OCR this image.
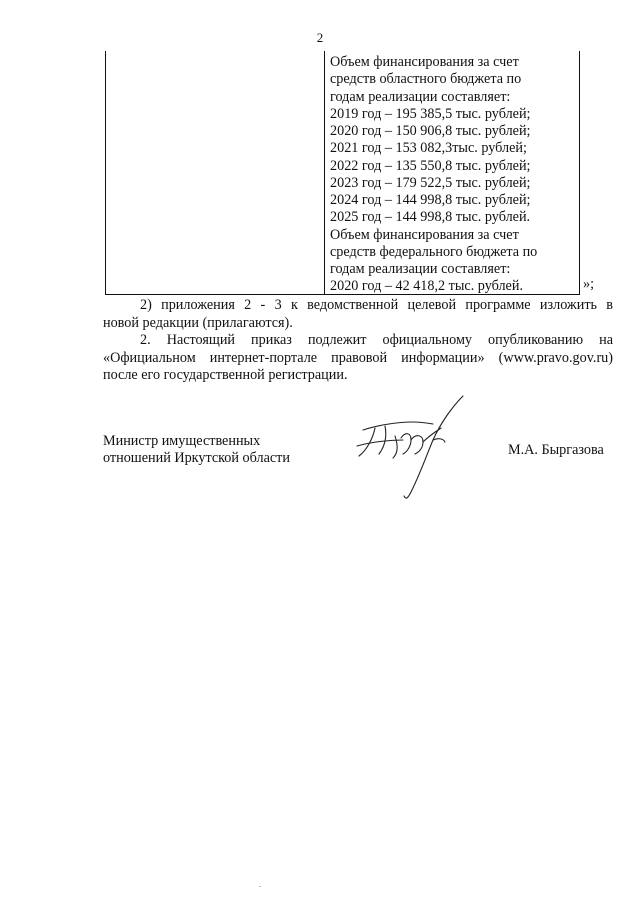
2
Объем финансирования за счет
средств областного бюджета по
годам реализации составляет:
2019 год – 195 385,5 тыс. рублей;
2020 год – 150 906,8 тыс. рублей;
2021 год – 153 082,3тыс. рублей;
2022 год – 135 550,8 тыс. рублей;
2023 год – 179 522,5 тыс. рублей;
2024 год – 144 998,8 тыс. рублей;
2025 год – 144 998,8 тыс. рублей.
Объем финансирования за счет
средств федерального бюджета по
годам реализации составляет:
2020 год – 42 418,2 тыс. рублей.	»;
2) приложения 2 - 3 к ведомственной целевой программе изложить в
новой редакции (прилагаются).
2. Настоящий приказ подлежит официальному опубликованию на
«Официальном интернет-портале правовой информации» (www.pravo.gov.ru)
после его государственной регистрации.
Министр имущественных
отношений Иркутской области	М.А. Быргазова
